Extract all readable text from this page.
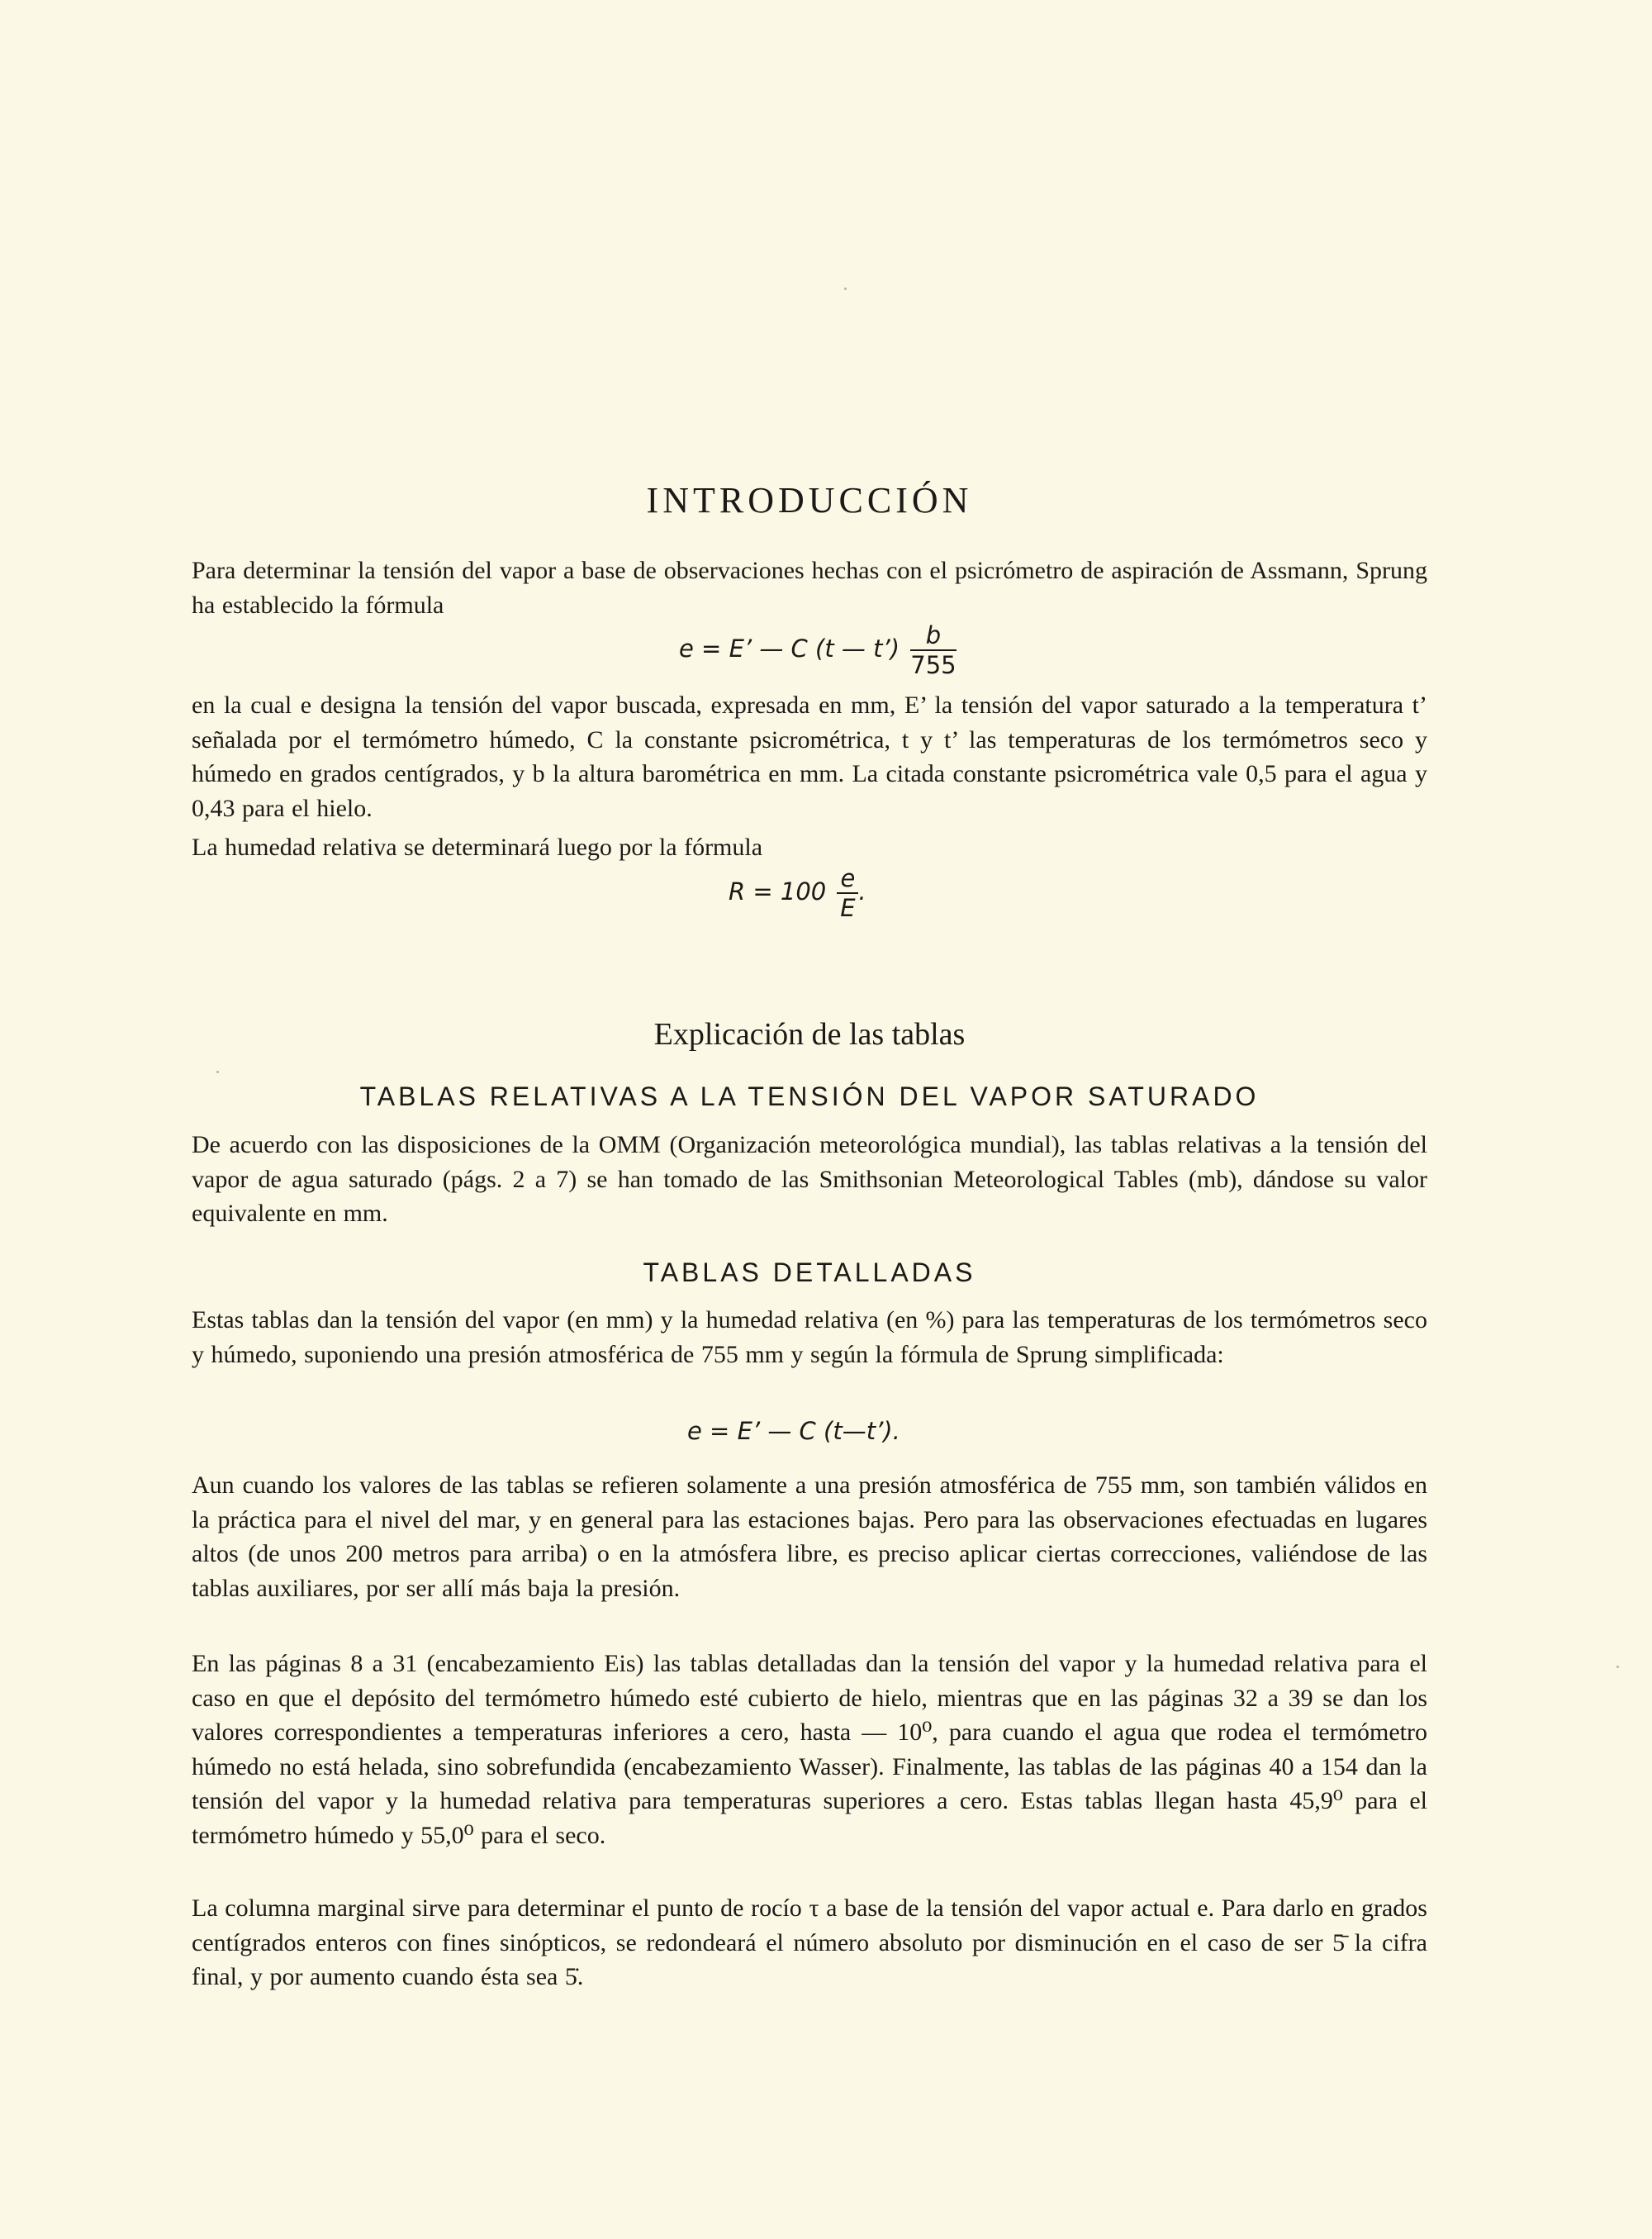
INTRODUCCIÓN

Para determinar la tensión del vapor a base de observaciones hechas con el psicrómetro de aspiración de Assmann, Sprung ha establecido la fórmula

e = E’ — C (t — t’) $\frac{b}{755}$

en la cual e designa la tensión del vapor buscada, expresada en mm, E’ la tensión del vapor saturado a la temperatura t’ señalada por el termómetro húmedo, C la constante psicrométrica, t y t’ las temperaturas de los termómetros seco y húmedo en grados centígrados, y b la altura barométrica en mm. La citada constante psicrométrica vale 0,5 para el agua y 0,43 para el hielo.

La humedad relativa se determinará luego por la fórmula

$R = 100 \frac{e}{E}$ .
Explicación de las tablas
TABLAS RELATIVAS A LA TENSIÓN DEL VAPOR SATURADO

De acuerdo con las disposiciones de la OMM (Organización meteorológica mundial), las tablas relativas a la tensión del vapor de agua saturado (págs. 2 a 7) se han tomado de las Smithsonian Meteorological Tables (mb), dándose su valor equivalente en mm.

TABLAS DETALLADAS

Estas tablas dan la tensión del vapor (en mm) y la humedad relativa (en %) para las temperaturas de los termómetros seco y húmedo, suponiendo una presión atmosférica de 755 mm y según la fórmula de Sprung simplificada:

e = E’ — C (t—t’).

Aun cuando los valores de las tablas se refieren solamente a una presión atmosférica de 755 mm, son también válidos en la práctica para el nivel del mar, y en general para las estaciones bajas. Pero para las observaciones efectuadas en lugares altos (de unos 200 metros para arriba) o en la atmósfera libre, es preciso aplicar ciertas correcciones, valiéndose de las tablas auxiliares, por ser allí más baja la presión.

En las páginas 8 a 31 (encabezamiento Eis) las tablas detalladas dan la tensión del vapor y la humedad relativa para el caso en que el depósito del termómetro húmedo esté cubierto de hielo, mientras que en las páginas 32 a 39 se dan los valores correspondientes a temperaturas inferiores a cero, hasta — 10⁰, para cuando el agua que rodea el termómetro húmedo no está helada, sino sobrefundida (encabezamiento Wasser). Finalmente, las tablas de las páginas 40 a 154 dan la tensión del vapor y la humedad relativa para temperaturas superiores a cero. Estas tablas llegan hasta 45,9⁰ para el termómetro húmedo y 55,0⁰ para el seco.

La columna marginal sirve para determinar el punto de rocío τ a base de la tensión del vapor actual e. Para darlo en grados centígrados enteros con fines sinópticos, se redondeará el número absoluto por disminución en el caso de ser 5̄ la cifra final, y por aumento cuando ésta sea 5̇.
